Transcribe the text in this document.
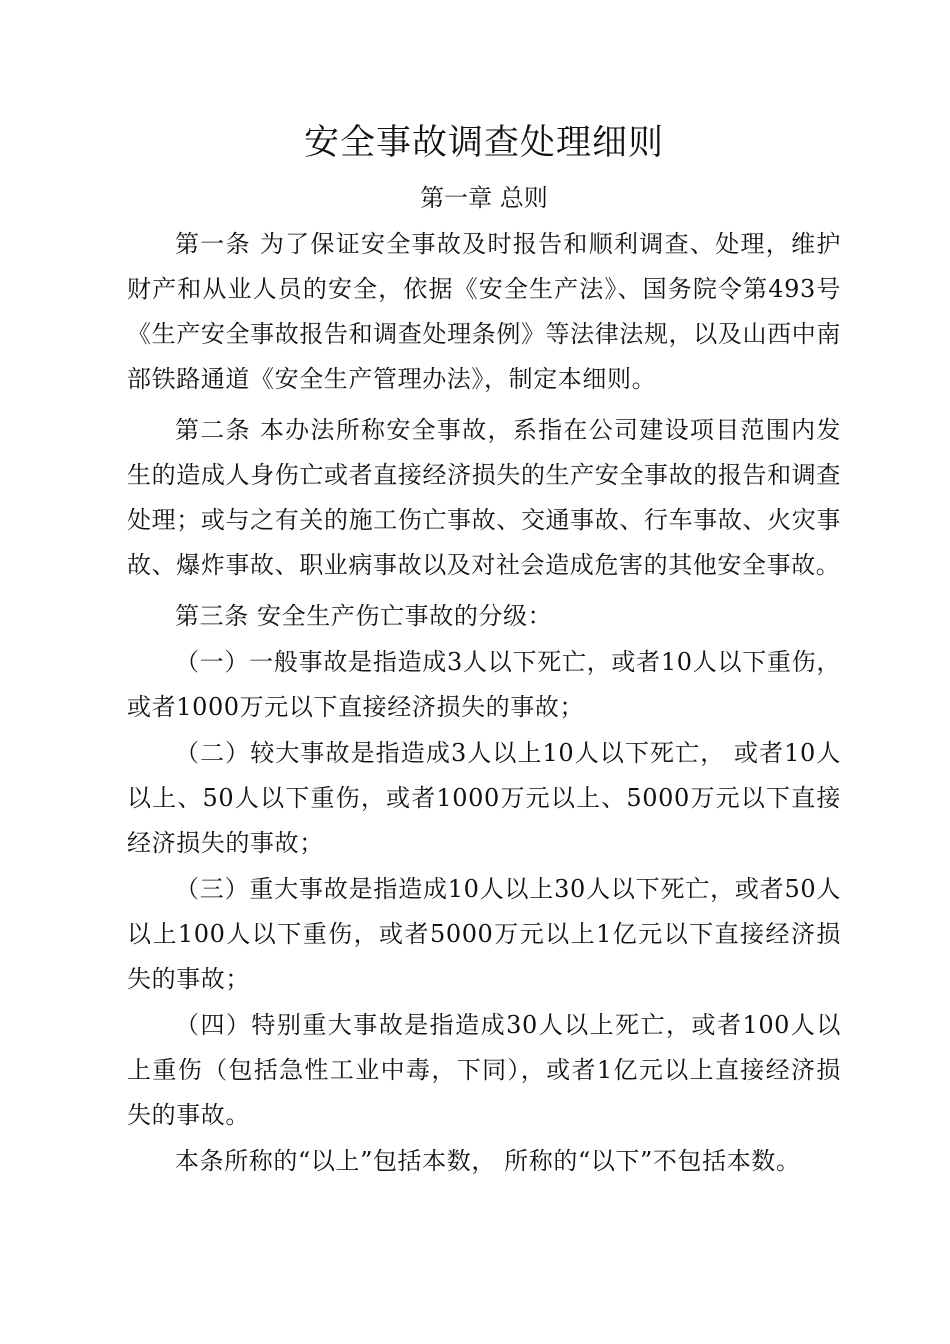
安全事故调查处理细则
第一章 总则

第一条 为了保证安全事故及时报告和顺利调查、处理，维护财产和从业人员的安全，依据《安全生产法》、国务院令第493号《生产安全事故报告和调查处理条例》等法律法规，以及山西中南部铁路通道《安全生产管理办法》，制定本细则。

第二条 本办法所称安全事故，系指在公司建设项目范围内发生的造成人身伤亡或者直接经济损失的生产安全事故的报告和调查处理；或与之有关的施工伤亡事故、交通事故、行车事故、火灾事故、爆炸事故、职业病事故以及对社会造成危害的其他安全事故。

第三条 安全生产伤亡事故的分级：

（一）一般事故是指造成3人以下死亡，或者10人以下重伤，或者1000万元以下直接经济损失的事故；

（二）较大事故是指造成3人以上10人以下死亡， 或者10人以上、50人以下重伤，或者1000万元以上、5000万元以下直接经济损失的事故；

（三）重大事故是指造成10人以上30人以下死亡，或者50人以上100人以下重伤，或者5000万元以上1亿元以下直接经济损失的事故；

（四）特别重大事故是指造成30人以上死亡，或者100人以上重伤（包括急性工业中毒，下同），或者1亿元以上直接经济损失的事故。

本条所称的“以上”包括本数， 所称的“以下”不包括本数。
